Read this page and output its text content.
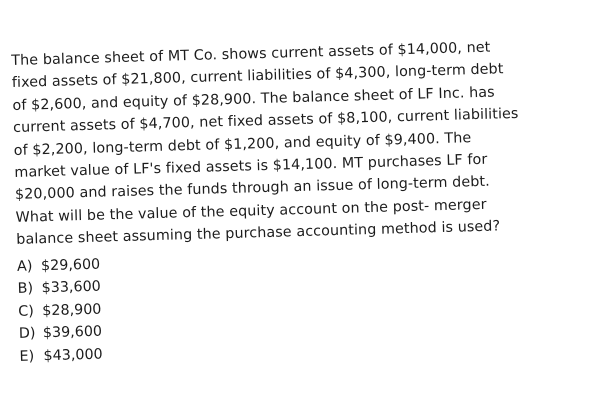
The balance sheet of MT Co. shows current assets of $14,000, net
fixed assets of $21,800, current liabilities of $4,300, long-term debt
of $2,600, and equity of $28,900. The balance sheet of LF Inc. has
current assets of $4,700, net fixed assets of $8,100, current liabilities
of $2,200, long-term debt of $1,200, and equity of $9,400. The
market value of LF's fixed assets is $14,100. MT purchases LF for
$20,000 and raises the funds through an issue of long-term debt.
What will be the value of the equity account on the post- merger
balance sheet assuming the purchase accounting method is used?
A) $29,600
B) $33,600
C) $28,900
D) $39,600
E) $43,000
